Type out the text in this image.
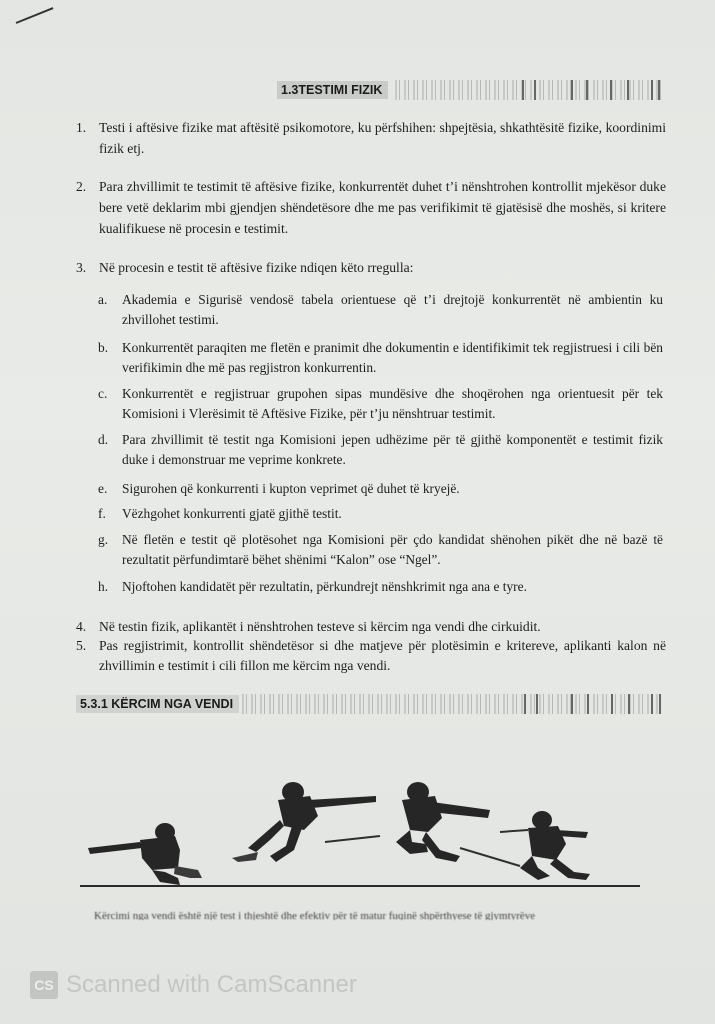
1.3TESTIMI FIZIK
1. Testi i aftësive fizike mat aftësitë psikomotore, ku përfshihen: shpejtësia, shkathtësitë fizike, koordinimi fizik etj.
2. Para zhvillimit te testimit të aftësive fizike, konkurrentët duhet t’i nënshtrohen kontrollit mjekësor duke bere vetë deklarim mbi gjendjen shëndetësore dhe me pas verifikimit të gjatësisë dhe moshës, si kritere kualifikuese në procesin e testimit.
3. Në procesin e testit të aftësive fizike ndiqen këto rregulla:
a. Akademia e Sigurisë vendosë tabela orientuese që t’i drejtojë konkurrentët në ambientin ku zhvillohet testimi.
b. Konkurrentët paraqiten me fletën e pranimit dhe dokumentin e identifikimit tek regjistruesi i cili bën verifikimin dhe më pas regjistron konkurrentin.
c. Konkurrentët e regjistruar grupohen sipas mundësive dhe shoqërohen nga orientuesit për tek Komisioni i Vlerësimit të Aftësive Fizike, për t’ju nënshtruar testimit.
d. Para zhvillimit të testit nga Komisioni jepen udhëzime për të gjithë komponentët e testimit fizik duke i demonstruar me veprime konkrete.
e. Sigurohen që konkurrenti i kupton veprimet që duhet të kryejë.
f. Vëzhgohet konkurrenti gjatë gjithë testit.
g. Në fletën e testit që plotësohet nga Komisioni për çdo kandidat shënohen pikët dhe në bazë të rezultatit përfundimtarë bëhet shënimi “Kalon” ose “Ngel”.
h. Njoftohen kandidatët për rezultatin, përkundrejt nënshkrimit nga ana e tyre.
4. Në testin fizik, aplikantët i nënshtrohen testeve si kërcim nga vendi dhe cirkuidit.
5. Pas regjistrimit, kontrollit shëndetësor si dhe matjeve për plotësimin e kritereve, aplikanti kalon në zhvillimin e testimit i cili fillon me kërcim nga vendi.
5.3.1 KËRCIM NGA VENDI
Kërcimi nga vendi është një test i thjeshtë dhe efektiv për të matur fuqinë shpërthyese të gjymtyrëve
CS Scanned with CamScanner
